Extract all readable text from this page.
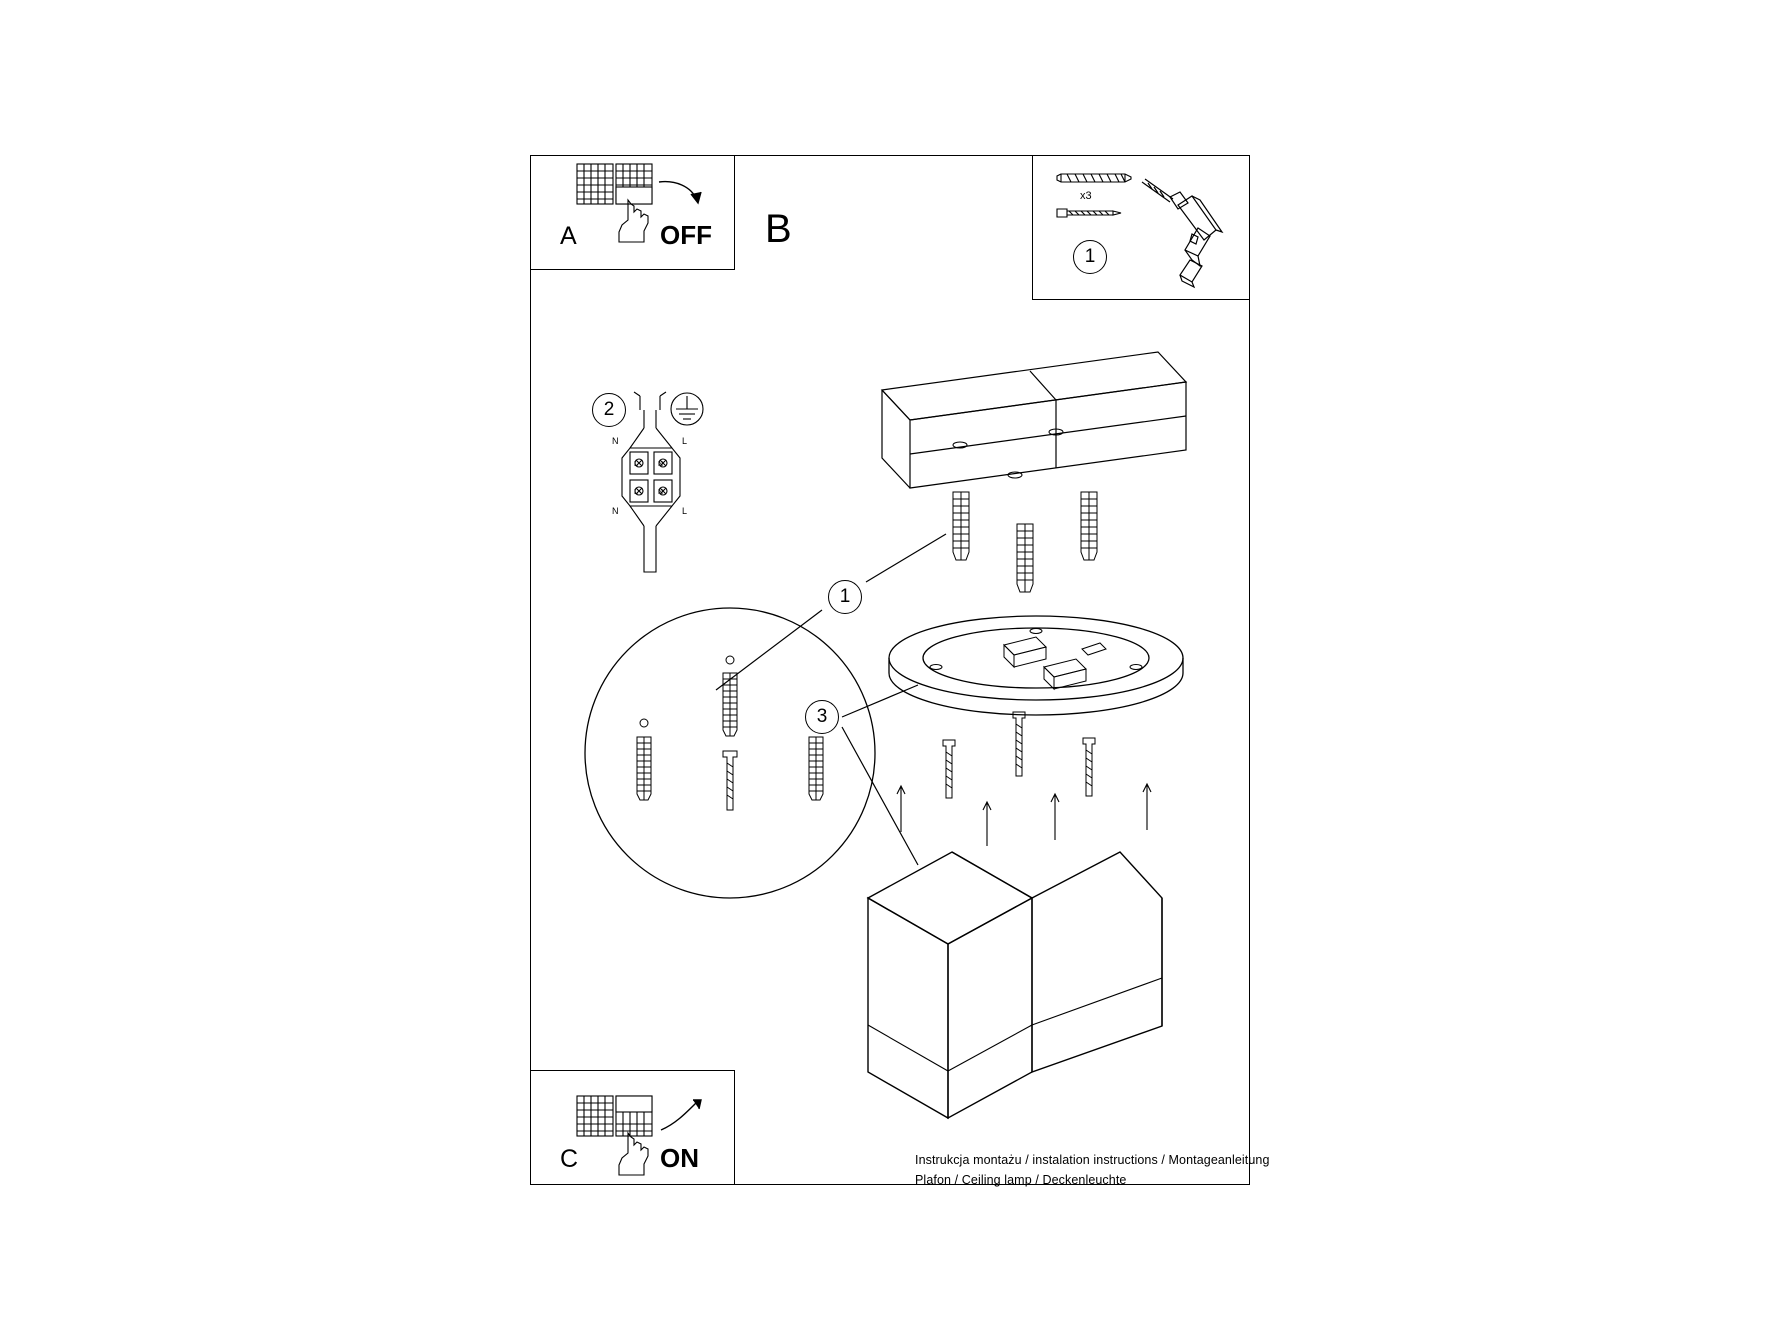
A	OFF B
C	ON
x3
1
2
N	L
N	L
L	N
L	N
1
3
Instrukcja montażu / instalation instructions / Montageanleitung
Plafon / Ceiling lamp / Deckenleuchte
